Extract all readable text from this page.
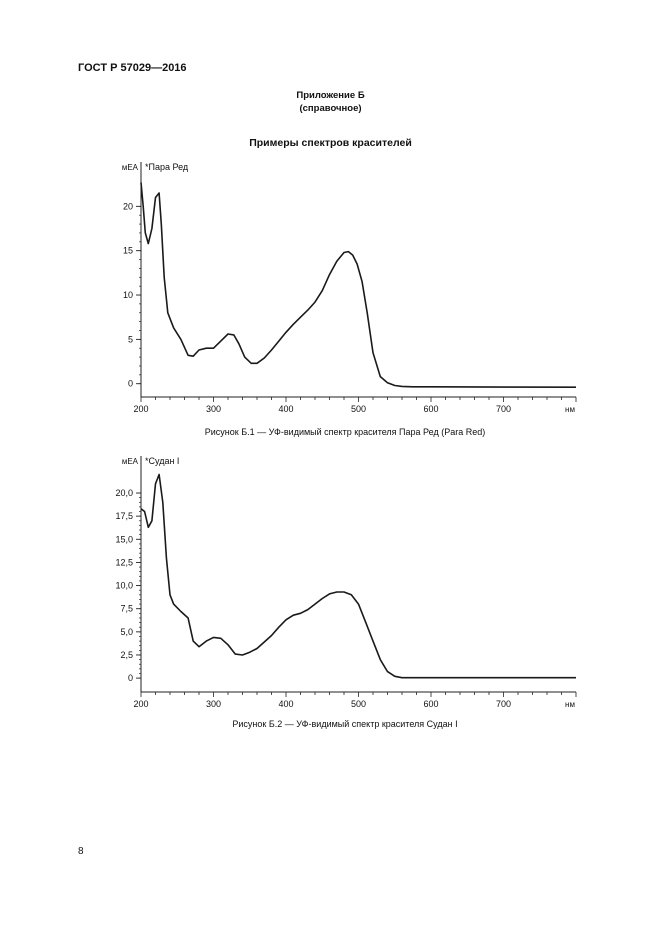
ГОСТ Р 57029—2016
Приложение Б
(справочное)
Примеры спектров красителей
200	300	400	500	600	700	нм
0
5
10
15
20
мЕА *Пара Ред
Рисунок Б.1 — УФ-видимый спектр красителя Пара Ред (Para Red)
200	300	400	500	600	700	нм
0
2,5
5,0
7,5
10,0
12,5
15,0
17,5
20,0
мЕА *Судан I
Рисунок Б.2 — УФ-видимый спектр красителя Судан I
8
